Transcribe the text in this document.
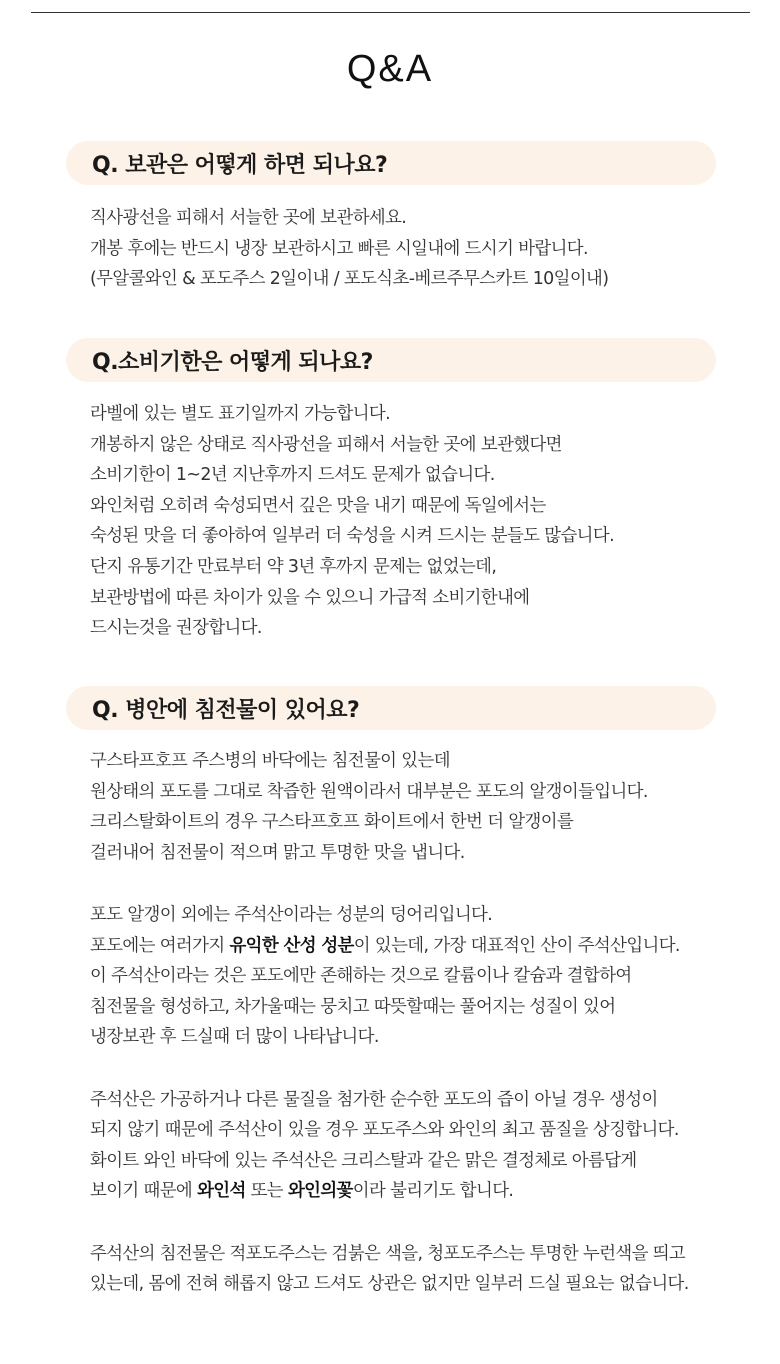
Q&A
Q. 보관은 어떻게 하면 되나요?
직사광선을 피해서 서늘한 곳에 보관하세요.
개봉 후에는 반드시 냉장 보관하시고 빠른 시일내에 드시기 바랍니다.
(무알콜와인 & 포도주스 2일이내 / 포도식초-베르주무스카트 10일이내)
Q.소비기한은 어떻게 되나요?
라벨에 있는 별도 표기일까지 가능합니다.
개봉하지 않은 상태로 직사광선을 피해서 서늘한 곳에 보관했다면
소비기한이 1~2년 지난후까지 드셔도 문제가 없습니다.
와인처럼 오히려 숙성되면서 깊은 맛을 내기 때문에 독일에서는
숙성된 맛을 더 좋아하여 일부러 더 숙성을 시켜 드시는 분들도 많습니다.
단지 유통기간 만료부터 약 3년 후까지 문제는 없었는데,
보관방법에 따른 차이가 있을 수 있으니 가급적 소비기한내에
드시는것을 권장합니다.
Q. 병안에 침전물이 있어요?
구스타프호프 주스병의 바닥에는 침전물이 있는데
원상태의 포도를 그대로 착즙한 원액이라서 대부분은 포도의 알갱이들입니다.
크리스탈화이트의 경우 구스타프호프 화이트에서 한번 더 알갱이를
걸러내어 침전물이 적으며 맑고 투명한 맛을 냅니다.
포도 알갱이 외에는 주석산이라는 성분의 덩어리입니다.
포도에는 여러가지 유익한 산성 성분이 있는데, 가장 대표적인 산이 주석산입니다.
이 주석산이라는 것은 포도에만 존해하는 것으로 칼륨이나 칼슘과 결합하여
침전물을 형성하고, 차가울때는 뭉치고 따뜻할때는 풀어지는 성질이 있어
냉장보관 후 드실때 더 많이 나타납니다.
주석산은 가공하거나 다른 물질을 첨가한 순수한 포도의 즙이 아닐 경우 생성이
되지 않기 때문에 주석산이 있을 경우 포도주스와 와인의 최고 품질을 상징합니다.
화이트 와인 바닥에 있는 주석산은 크리스탈과 같은 맑은 결정체로 아름답게
보이기 때문에 와인석 또는 와인의꽃이라 불리기도 합니다.
주석산의 침전물은 적포도주스는 검붉은 색을, 청포도주스는 투명한 누런색을 띄고
있는데, 몸에 전혀 해롭지 않고 드셔도 상관은 없지만 일부러 드실 필요는 없습니다.
